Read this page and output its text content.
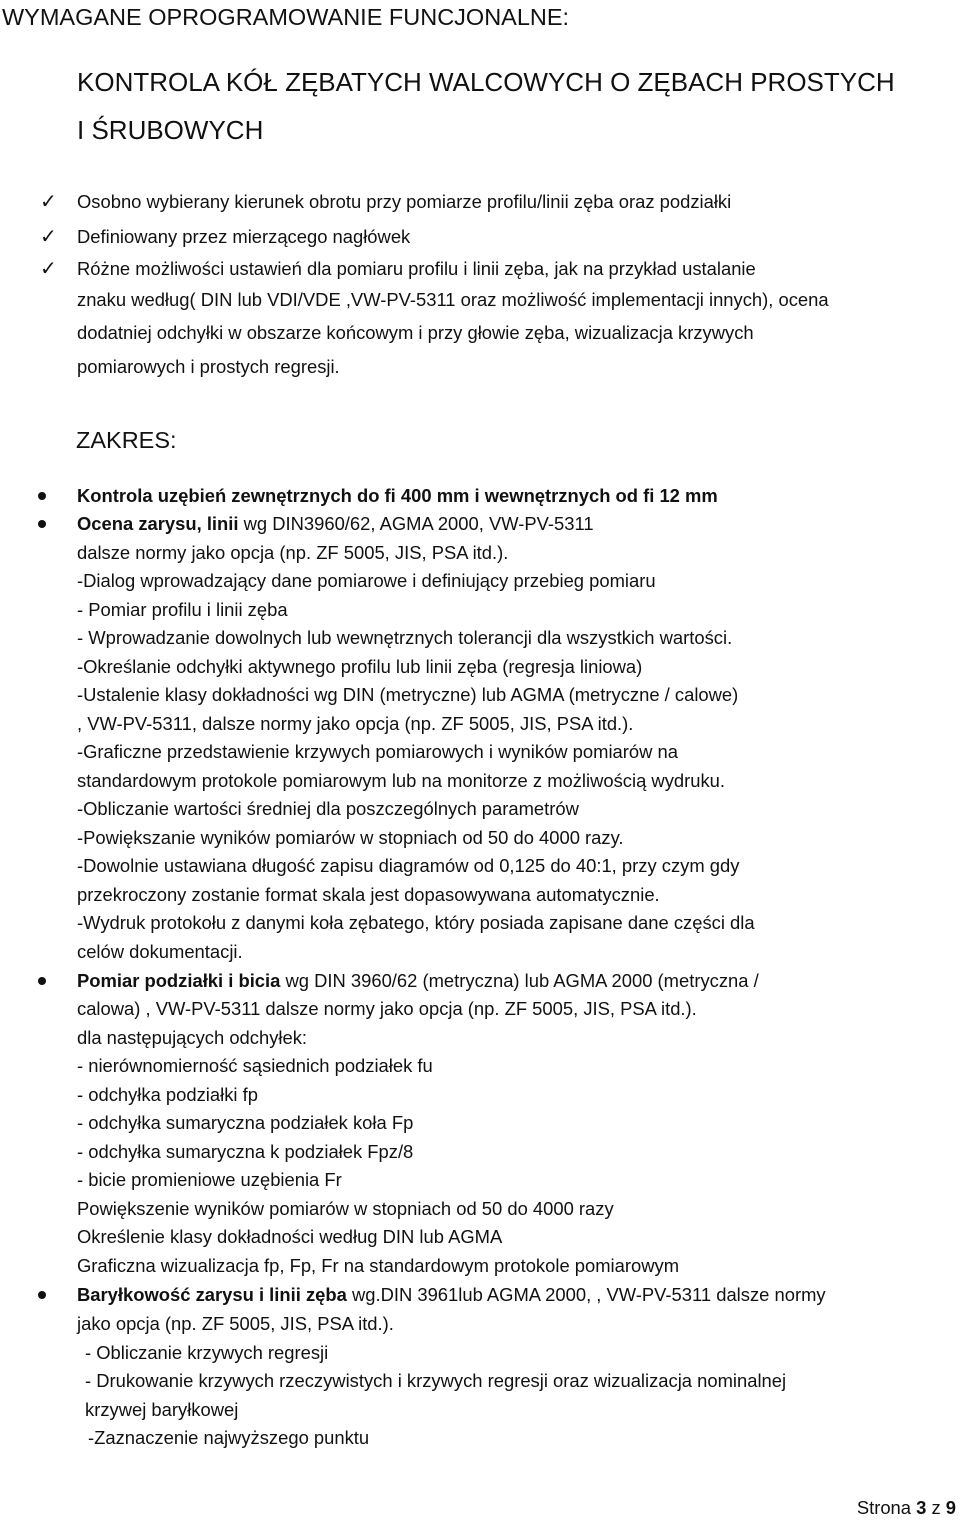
WYMAGANE OPROGRAMOWANIE FUNCJONALNE:
KONTROLA KÓŁ ZĘBATYCH WALCOWYCH O ZĘBACH PROSTYCH
I ŚRUBOWYCH
✓ Osobno wybierany kierunek obrotu przy pomiarze profilu/linii zęba oraz podziałki
✓ Definiowany przez mierzącego nagłówek
✓ Różne możliwości ustawień dla pomiaru profilu i linii zęba, jak na przykład ustalanie
znaku według( DIN lub VDI/VDE ,VW-PV-5311 oraz możliwość implementacji innych), ocena
dodatniej odchyłki w obszarze końcowym i przy głowie zęba, wizualizacja krzywych
pomiarowych i prostych regresji.
ZAKRES:
Kontrola uzębień zewnętrznych do fi 400 mm i wewnętrznych od fi 12 mm
Ocena zarysu, linii wg DIN3960/62, AGMA 2000, VW-PV-5311
dalsze normy jako opcja (np. ZF 5005, JIS, PSA itd.).
-Dialog wprowadzający dane pomiarowe i definiujący przebieg pomiaru
- Pomiar profilu i linii zęba
- Wprowadzanie dowolnych lub wewnętrznych tolerancji dla wszystkich wartości.
-Określanie odchyłki aktywnego profilu lub linii zęba (regresja liniowa)
-Ustalenie klasy dokładności wg DIN (metryczne) lub AGMA (metryczne / calowe)
, VW-PV-5311, dalsze normy jako opcja (np. ZF 5005, JIS, PSA itd.).
-Graficzne przedstawienie krzywych pomiarowych i wyników pomiarów na
standardowym protokole pomiarowym lub na monitorze z możliwością wydruku.
-Obliczanie wartości średniej dla poszczególnych parametrów
-Powiększanie wyników pomiarów w stopniach od 50 do 4000 razy.
-Dowolnie ustawiana długość zapisu diagramów od 0,125 do 40:1, przy czym gdy
przekroczony zostanie format skala jest dopasowywana automatycznie.
-Wydruk protokołu z danymi koła zębatego, który posiada zapisane dane części dla
celów dokumentacji.
Pomiar podziałki i bicia wg DIN 3960/62 (metryczna) lub AGMA 2000 (metryczna /
calowa) , VW-PV-5311 dalsze normy jako opcja (np. ZF 5005, JIS, PSA itd.).
dla następujących odchyłek:
- nierównomierność sąsiednich podziałek fu
- odchyłka podziałki fp
- odchyłka sumaryczna podziałek koła Fp
- odchyłka sumaryczna k podziałek Fpz/8
- bicie promieniowe uzębienia Fr
Powiększenie wyników pomiarów w stopniach od 50 do 4000 razy
Określenie klasy dokładności według DIN lub AGMA
Graficzna wizualizacja fp, Fp, Fr na standardowym protokole pomiarowym
Baryłkowość zarysu i linii zęba wg.DIN 3961lub AGMA 2000, , VW-PV-5311 dalsze normy
jako opcja (np. ZF 5005, JIS, PSA itd.).
- Obliczanie krzywych regresji
- Drukowanie krzywych rzeczywistych i krzywych regresji oraz wizualizacja nominalnej
krzywej baryłkowej
-Zaznaczenie najwyższego punktu
Strona 3 z 9
